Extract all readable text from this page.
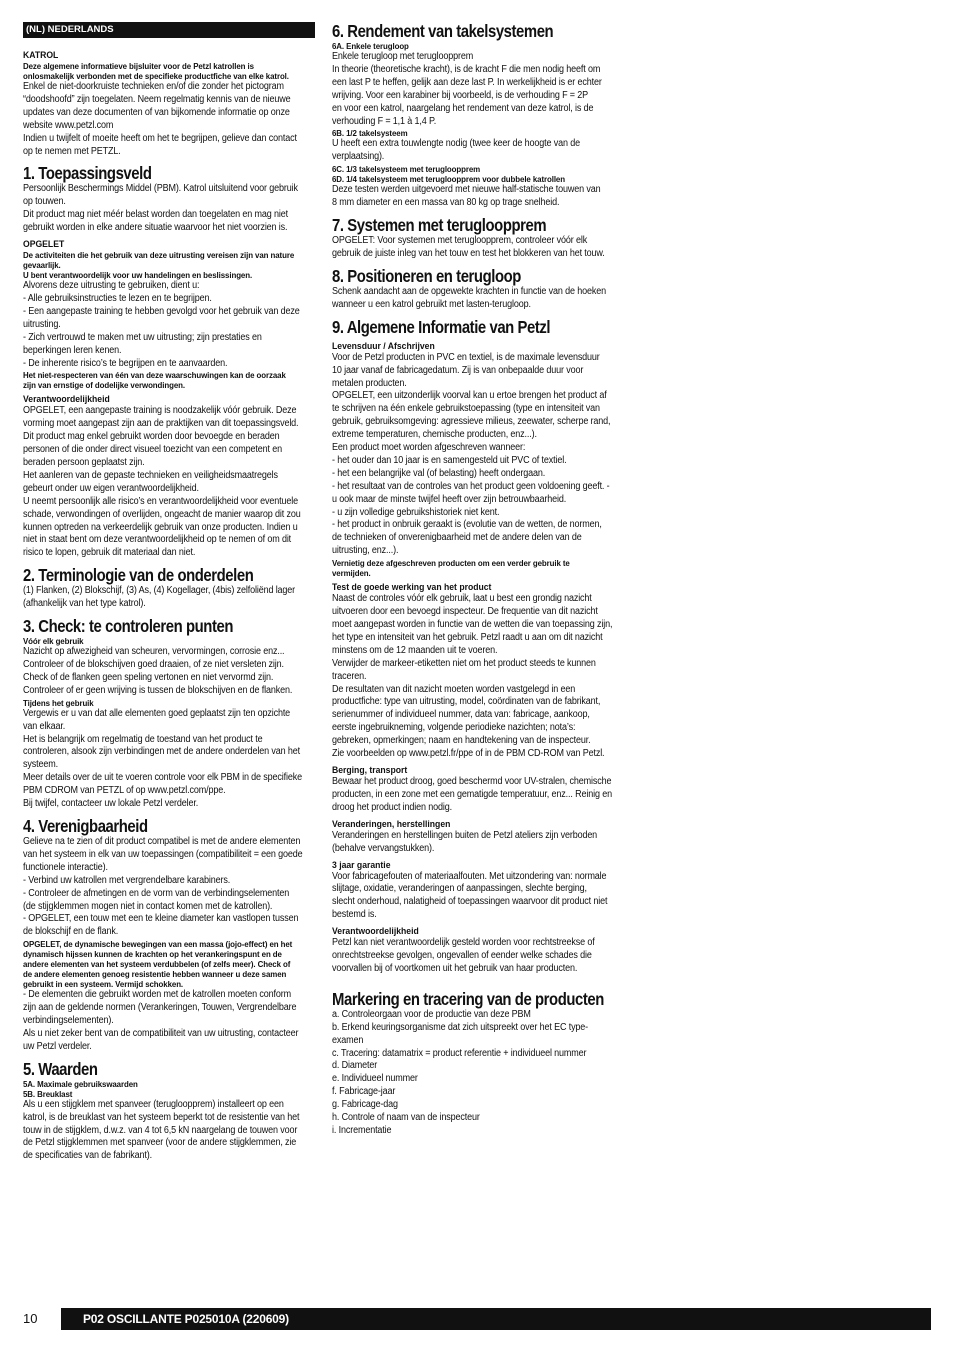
(NL) NEDERLANDS
KATROL
Deze algemene informatieve bijsluiter voor de Petzl katrollen is
onlosmakelijk verbonden met de specifieke productfiche van elke katrol.
Enkel de niet-doorkruiste technieken en/of die zonder het pictogram
“doodshoofd” zijn toegelaten. Neem regelmatig kennis van de nieuwe
updates van deze documenten of van bijkomende informatie op onze
website www.petzl.com
Indien u twijfelt of moeite heeft om het te begrijpen, gelieve dan contact
op te nemen met PETZL.
1. Toepassingsveld
Persoonlijk Beschermings Middel (PBM). Katrol uitsluitend voor gebruik
op touwen.
Dit product mag niet méér belast worden dan toegelaten en mag niet
gebruikt worden in elke andere situatie waarvoor het niet voorzien is.
OPGELET
De activiteiten die het gebruik van deze uitrusting vereisen zijn van nature
gevaarlijk.
U bent verantwoordelijk voor uw handelingen en beslissingen.
Alvorens deze uitrusting te gebruiken, dient u:
- Alle gebruiksinstructies te lezen en te begrijpen.
- Een aangepaste training te hebben gevolgd voor het gebruik van deze
uitrusting.
- Zich vertrouwd te maken met uw uitrusting; zijn prestaties en
beperkingen leren kenen.
- De inherente risico’s te begrijpen en te aanvaarden.
Het niet-respecteren van één van deze waarschuwingen kan de oorzaak
zijn van ernstige of dodelijke verwondingen.
Verantwoordelijkheid
OPGELET, een aangepaste training is noodzakelijk vóór gebruik. Deze
vorming moet aangepast zijn aan de praktijken van dit toepassingsveld.
Dit product mag enkel gebruikt worden door bevoegde en beraden
personen of die onder direct visueel toezicht van een competent en
beraden persoon geplaatst zijn.
Het aanleren van de gepaste technieken en veiligheidsmaatregels
gebeurt onder uw eigen verantwoordelijkheid.
U neemt persoonlijk alle risico’s en verantwoordelijkheid voor eventuele
schade, verwondingen of overlijden, ongeacht de manier waarop dit zou
kunnen optreden na verkeerdelijk gebruik van onze producten. Indien u
niet in staat bent om deze verantwoordelijkheid op te nemen of om dit
risico te lopen, gebruik dit materiaal dan niet.
2. Terminologie van de onderdelen
(1) Flanken, (2) Blokschijf, (3) As, (4) Kogellager, (4bis) zelfoliënd lager
(afhankelijk van het type katrol).
3. Check: te controleren punten
Vóór elk gebruik
Nazicht op afwezigheid van scheuren, vervormingen, corrosie enz...
Controleer of de blokschijven goed draaien, of ze niet versleten zijn.
Check of de flanken geen speling vertonen en niet vervormd zijn.
Controleer of er geen wrijving is tussen de blokschijven en de flanken.
Tijdens het gebruik
Vergewis er u van dat alle elementen goed geplaatst zijn ten opzichte
van elkaar.
Het is belangrijk om regelmatig de toestand van het product te
controleren, alsook zijn verbindingen met de andere onderdelen van het
systeem.
Meer details over de uit te voeren controle voor elk PBM in de specifieke
PBM CDROM van PETZL of op www.petzl.com/ppe.
Bij twijfel, contacteer uw lokale Petzl verdeler.
4. Verenigbaarheid
Gelieve na te zien of dit product compatibel is met de andere elementen
van het systeem in elk van uw toepassingen (compatibiliteit = een goede
functionele interactie).
- Verbind uw katrollen met vergrendelbare karabiners.
- Controleer de afmetingen en de vorm van de verbindingselementen
(de stijgklemmen mogen niet in contact komen met de katrollen).
- OPGELET, een touw met een te kleine diameter kan vastlopen tussen
de blokschijf en de flank.
OPGELET, de dynamische bewegingen van een massa (jojo-effect) en het
dynamisch hijssen kunnen de krachten op het verankeringspunt en de
andere elementen van het systeem verdubbelen (of zelfs meer). Check of
de andere elementen genoeg resistentie hebben wanneer u deze samen
gebruikt in een systeem. Vermijd schokken.
- De elementen die gebruikt worden met de katrollen moeten conform
zijn aan de geldende normen (Verankeringen, Touwen, Vergrendelbare
verbindingselementen).
Als u niet zeker bent van de compatibiliteit van uw uitrusting, contacteer
uw Petzl verdeler.
5. Waarden
5A. Maximale gebruikswaarden
5B. Breuklast
Als u een stijgklem met spanveer (terugloopprem) installeert op een
katrol, is de breuklast van het systeem beperkt tot de resistentie van het
touw in de stijgklem, d.w.z. van 4 tot 6,5 kN naargelang de touwen voor
de Petzl stijgklemmen met spanveer (voor de andere stijgklemmen, zie
de specificaties van de fabrikant).
6. Rendement van takelsystemen
6A. Enkele terugloop
Enkele terugloop met terugloopprem
In theorie (theoretische kracht), is de kracht F die men nodig heeft om
een last P te heffen, gelijk aan deze last P. In werkelijkheid is er echter
wrijving. Voor een karabiner bij voorbeeld, is de verhouding F = 2P
en voor een katrol, naargelang het rendement van deze katrol, is de
verhouding F = 1,1 à 1,4 P.
6B. 1/2 takelsysteem
U heeft een extra touwlengte nodig (twee keer de hoogte van de
verplaatsing).
6C. 1/3 takelsysteem met terugloopprem
6D. 1/4 takelsysteem met terugloopprem voor dubbele katrollen
Deze testen werden uitgevoerd met nieuwe half-statische touwen van
8 mm diameter en een massa van 80 kg op trage snelheid.
7. Systemen met terugloopprem
OPGELET: Voor systemen met terugloopprem, controleer vóór elk
gebruik de juiste inleg van het touw en test het blokkeren van het touw.
8. Positioneren en terugloop
Schenk aandacht aan de opgewekte krachten in functie van de hoeken
wanneer u een katrol gebruikt met lasten-terugloop.
9. Algemene Informatie van Petzl
Levensduur / Afschrijven
Voor de Petzl producten in PVC en textiel, is de maximale levensduur
10 jaar vanaf de fabricagedatum. Zij is van onbepaalde duur voor
metalen producten.
OPGELET, een uitzonderlijk voorval kan u ertoe brengen het product af
te schrijven na één enkele gebruikstoepassing (type en intensiteit van
gebruik, gebruiksomgeving: agressieve milieus, zeewater, scherpe rand,
extreme temperaturen, chemische producten, enz...).
Een product moet worden afgeschreven wanneer:
- het ouder dan 10 jaar is en samengesteld uit PVC of textiel.
- het een belangrijke val (of belasting) heeft ondergaan.
- het resultaat van de controles van het product geen voldoening geeft. -
u ook maar de minste twijfel heeft over zijn betrouwbaarheid.
- u zijn volledige gebruikshistoriek niet kent.
- het product in onbruik geraakt is (evolutie van de wetten, de normen,
de technieken of onverenigbaarheid met de andere delen van de
uitrusting, enz...).
Vernietig deze afgeschreven producten om een verder gebruik te
vermijden.
Test de goede werking van het product
Naast de controles vóór elk gebruik, laat u best een grondig nazicht
uitvoeren door een bevoegd inspecteur. De frequentie van dit nazicht
moet aangepast worden in functie van de wetten die van toepassing zijn,
het type en intensiteit van het gebruik. Petzl raadt u aan om dit nazicht
minstens om de 12 maanden uit te voeren.
Verwijder de markeer-etiketten niet om het product steeds te kunnen
traceren.
De resultaten van dit nazicht moeten worden vastgelegd in een
productfiche: type van uitrusting, model, coördinaten van de fabrikant,
serienummer of individueel nummer, data van: fabricage, aankoop,
eerste ingebruikneming, volgende periodieke nazichten; nota’s:
gebreken, opmerkingen; naam en handtekening van de inspecteur.
Zie voorbeelden op www.petzl.fr/ppe of in de PBM CD-ROM van Petzl.
Berging, transport
Bewaar het product droog, goed beschermd voor UV-stralen, chemische
producten, in een zone met een gematigde temperatuur, enz... Reinig en
droog het product indien nodig.
Veranderingen, herstellingen
Veranderingen en herstellingen buiten de Petzl ateliers zijn verboden
(behalve vervangstukken).
3 jaar garantie
Voor fabricagefouten of materiaalfouten. Met uitzondering van: normale
slijtage, oxidatie, veranderingen of aanpassingen, slechte berging,
slecht onderhoud, nalatigheid of toepassingen waarvoor dit product niet
bestemd is.
Verantwoordelijkheid
Petzl kan niet verantwoordelijk gesteld worden voor rechtstreekse of
onrechtstreekse gevolgen, ongevallen of eender welke schades die
voorvallen bij of voortkomen uit het gebruik van haar producten.
Markering en tracering van de producten
a. Controleorgaan voor de productie van deze PBM
b. Erkend keuringsorganisme dat zich uitspreekt over het EC type-
examen
c. Tracering: datamatrix = product referentie + individueel nummer
d. Diameter
e. Individueel nummer
f. Fabricage-jaar
g. Fabricage-dag
h. Controle of naam van de inspecteur
i. Incrementatie
10	P02 OSCILLANTE P025010A (220609)
